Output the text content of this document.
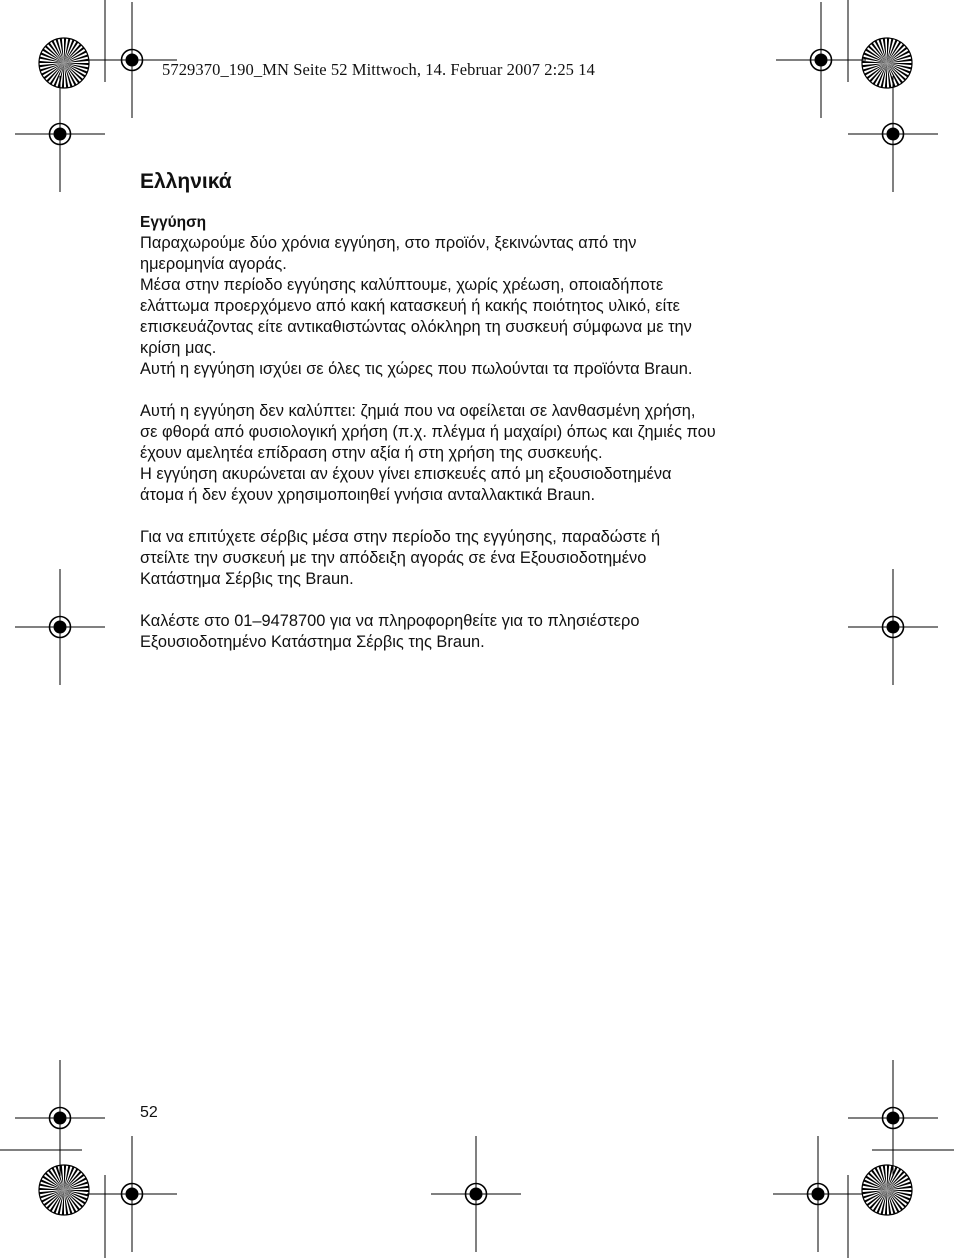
5729370_190_MN Seite 52 Mittwoch, 14. Februar 2007 2:25 14
Ελληνικά
Εγγύηση
Παραχωρούμε δύο χρόνια εγγύηση, στο προϊόν, ξεκινώντας από την
ημερομηνία αγοράς.
Μέσα στην περίοδο εγγύησης καλύπτουμε, χωρίς χρέωση, οποιαδήποτε
ελάττωμα προερχόμενο από κακή κατασκευή ή κακής ποιότητος υλικό, είτε
επισκευάζοντας είτε αντικαθιστώντας ολόκληρη τη συσκευή σύμφωνα με την
κρίση μας.
Αυτή η εγγύηση ισχύει σε όλες τις χώρες που πωλούνται τα προϊόντα Braun.
Αυτή η εγγύηση δεν καλύπτει: ζημιά που να οφείλεται σε λανθασμένη χρήση,
σε φθορά από φυσιολογική χρήση (π.χ. πλέγμα ή μαχαίρι) όπως και ζημιές που
έχουν αμελητέα επίδραση στην αξία ή στη χρήση της συσκευής.
Η εγγύηση ακυρώνεται αν έχουν γίνει επισκευές από μη εξουσιοδοτημένα
άτομα ή δεν έχουν χρησιμοποιηθεί γνήσια ανταλλακτικά Braun.
Για να επιτύχετε σέρβις μέσα στην περίοδο της εγγύησης, παραδώστε ή
στείλτε την συσκευή με την απόδειξη αγοράς σε ένα Εξουσιοδοτημένο
Κατάστημα Σέρβις της Braun.
Καλέστε στο 01–9478700 για να πληροφορηθείτε για το πλησιέστερο
Εξουσιοδοτημένο Κατάστημα Σέρβις της Braun.
52
